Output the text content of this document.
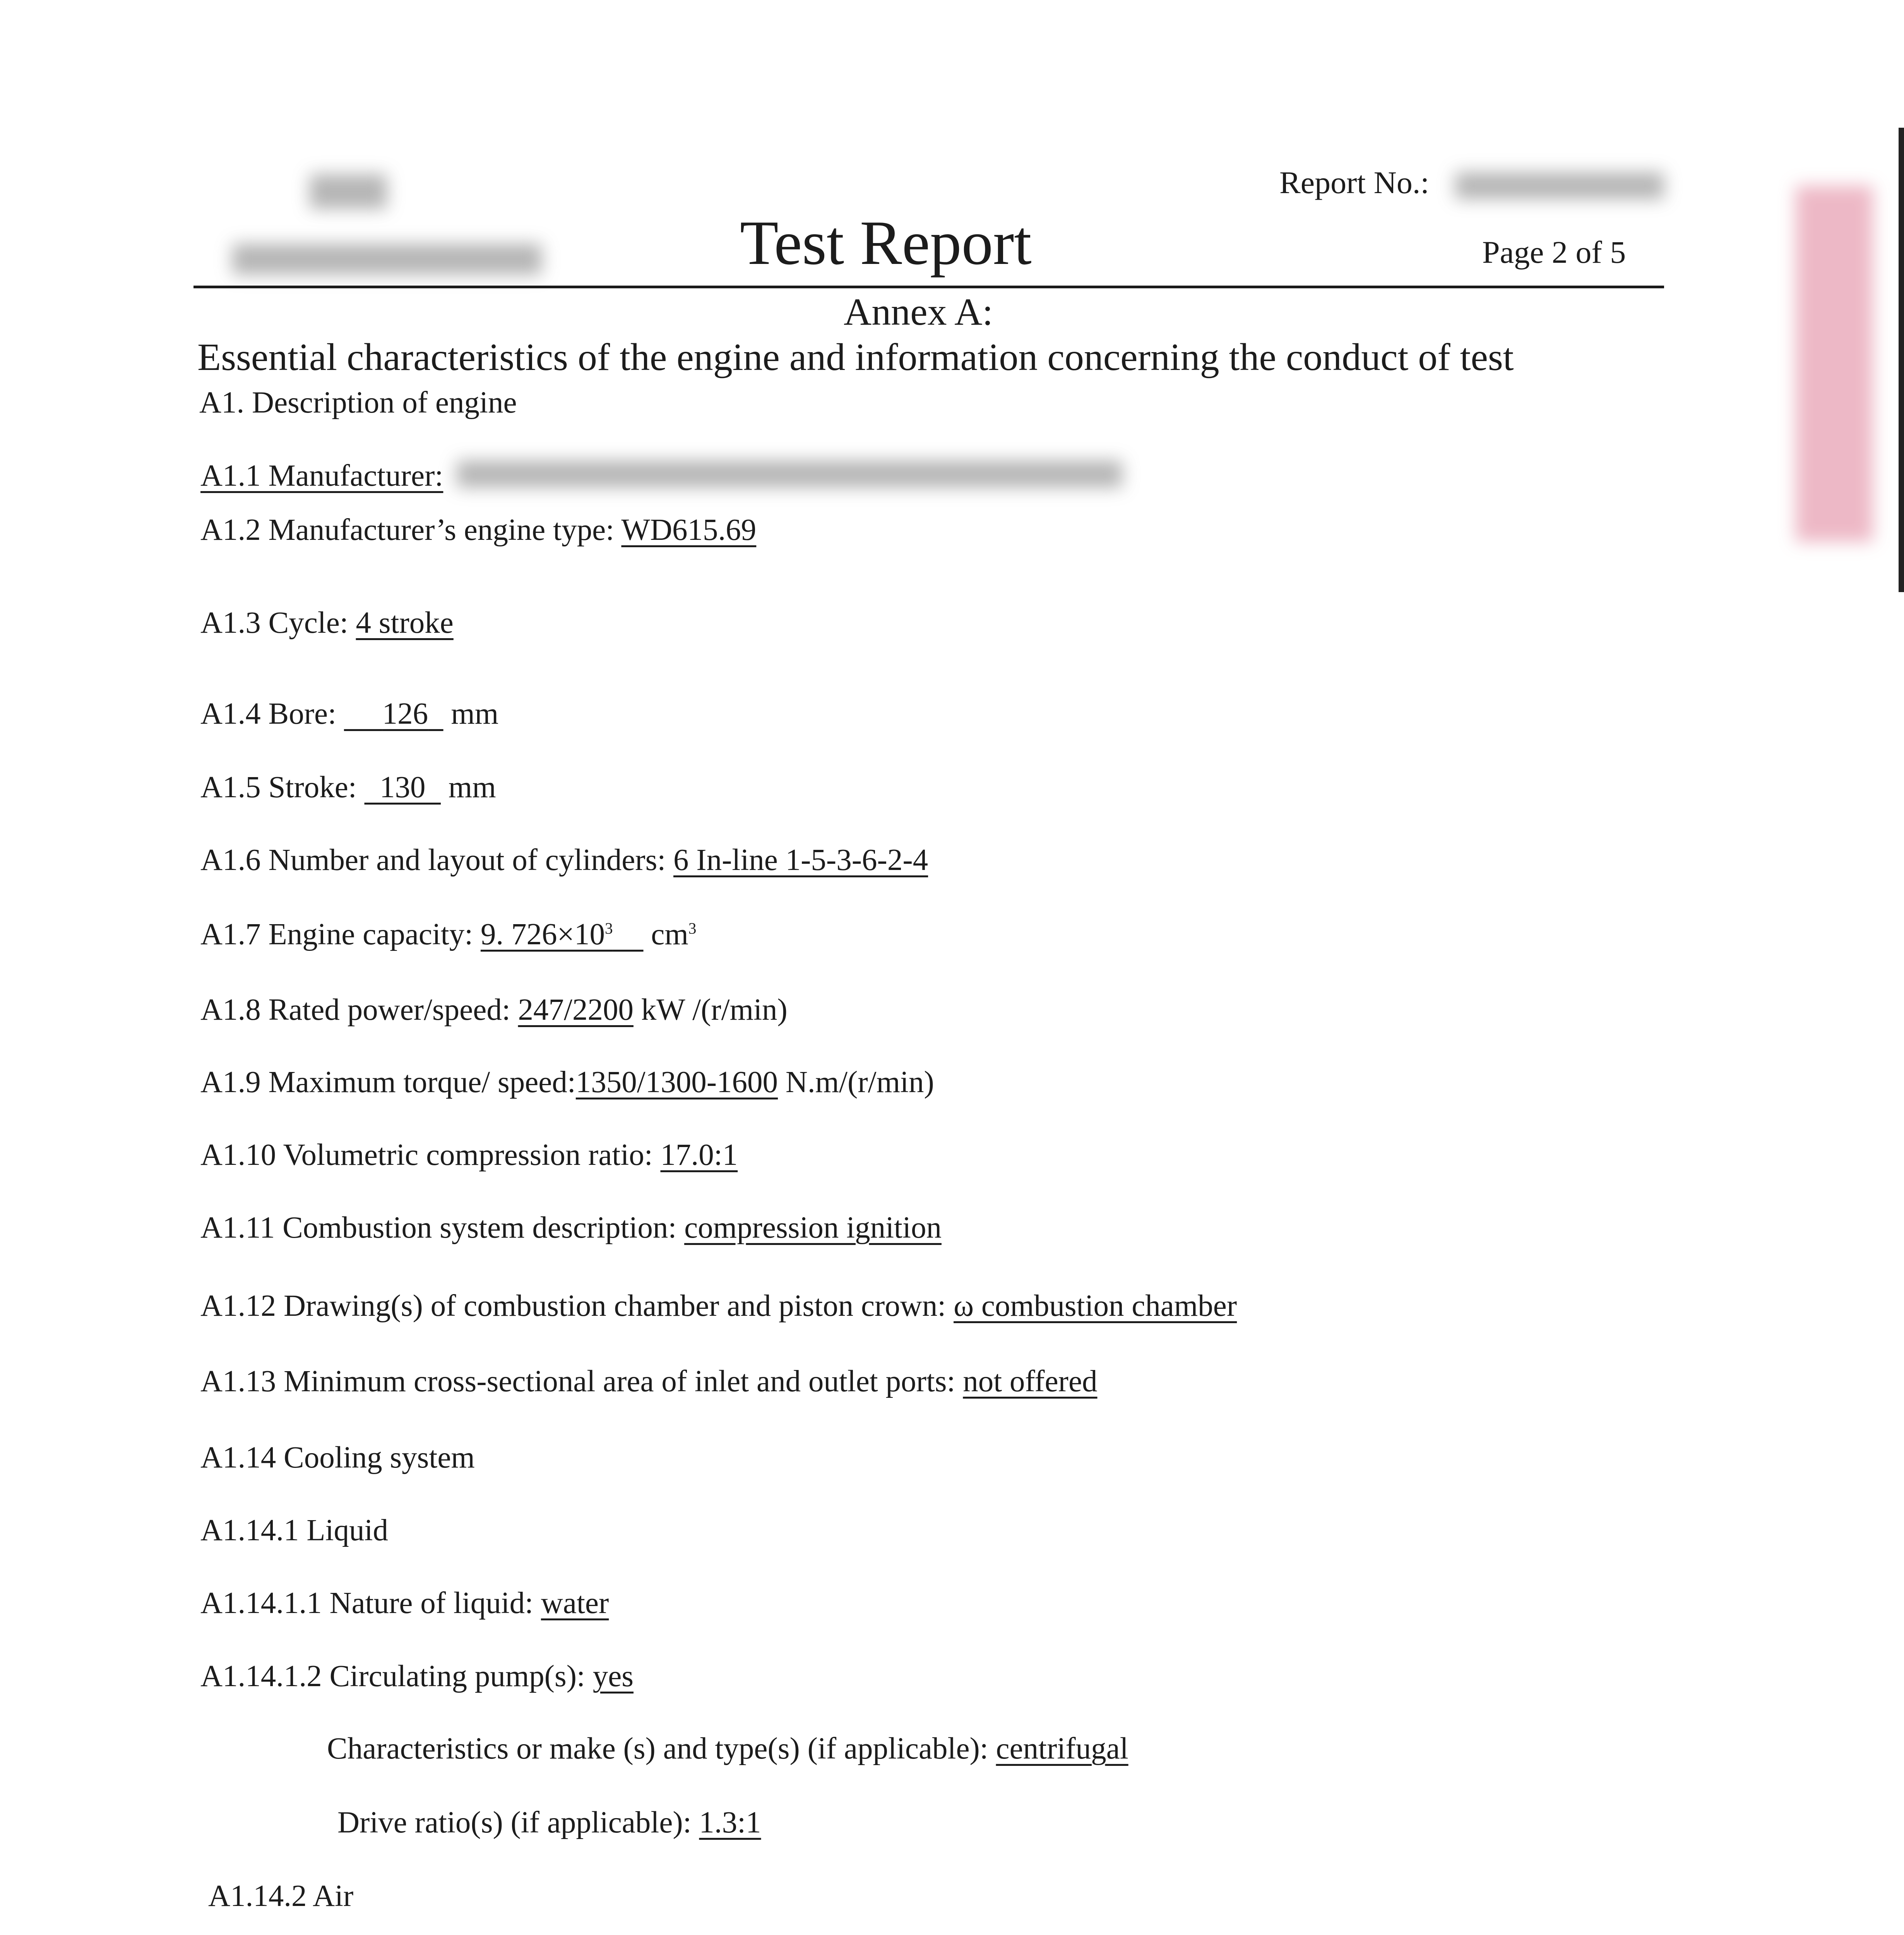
Report No.:
Test Report	Page 2 of 5
Annex A:
Essential characteristics of the engine and information concerning the conduct of test
A1. Description of engine
A1.1 Manufacturer:
A1.2 Manufacturer’s engine type: WD615.69
A1.3 Cycle: 4 stroke
A1.4 Bore:      126   mm
A1.5 Stroke:   130   mm
A1.6 Number and layout of cylinders: 6 In-line 1-5-3-6-2-4
A1.7 Engine capacity: 9. $726\times 10^3$     $cm^3$
A1.8 Rated power/speed: 247/2200 kW /(r/min)
A1.9 Maximum torque/ speed:1350/1300-1600 N.m/(r/min)
A1.10 Volumetric compression ratio: 17.0:1
A1.11 Combustion system description: compression ignition
A1.12 Drawing(s) of combustion chamber and piston crown: ω combustion chamber
A1.13 Minimum cross-sectional area of inlet and outlet ports: not offered
A1.14 Cooling system
A1.14.1 Liquid
A1.14.1.1 Nature of liquid: water
A1.14.1.2 Circulating pump(s): yes
Characteristics or make (s) and type(s) (if applicable): centrifugal
Drive ratio(s) (if applicable): 1.3:1
A1.14.2 Air
